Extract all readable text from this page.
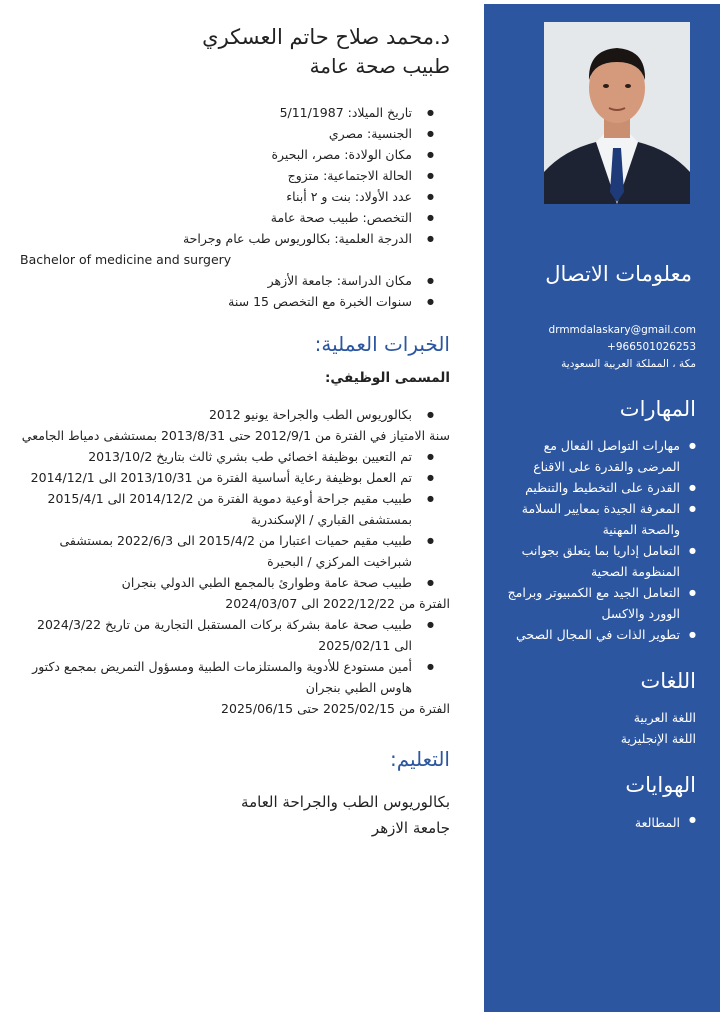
معلومات الاتصال
drmmdalaskary@gmail.com
+966501026253
مكة ، المملكة العربية السعودية
المهارات
● مهارات التواصل الفعال مع المرضى والقدرة على الاقناع
● القدرة على التخطيط والتنظيم
● المعرفة الجيدة بمعايير السلامة والصحة المهنية
● التعامل إداريا بما يتعلق بجوانب المنظومة الصحية
● التعامل الجيد مع الكمبيوتر وبرامج الوورد والاكسل
● تطوير الذات في المجال الصحي
اللغات
اللغة العربية
اللغة الإنجليزية
الهوايات
● المطالعة
د.محمد صلاح حاتم العسكري
طبيب صحة عامة
● تاريخ الميلاد: 5/11/1987
● الجنسية: مصري
● مكان الولادة: مصر، البحيرة
● الحالة الاجتماعية: متزوج
● عدد الأولاد: بنت و ٢ أبناء
● التخصص: طبيب صحة عامة
● الدرجة العلمية: بكالوريوس طب عام وجراحة
Bachelor of medicine and surgery
● مكان الدراسة: جامعة الأزهر
● سنوات الخبرة مع التخصص 15 سنة
الخبرات العملية:
المسمى الوظيفي:
● بكالوريوس الطب والجراحة يونيو 2012
سنة الامتياز في الفترة من 2012/9/1 حتى 2013/8/31 بمستشفى دمياط الجامعي
● تم التعيين بوظيفة اخصائي طب بشري ثالث بتاريخ 2013/10/2
● تم العمل بوظيفة رعاية أساسية الفترة من 2013/10/31 الى 2014/12/1
● طبيب مقيم جراحة أوعية دموية الفترة من 2014/12/2 الى 2015/4/1 بمستشفى القباري / الإسكندرية
● طبيب مقيم حميات اعتبارا من 2015/4/2 الى 2022/6/3 بمستشفى شبراخيت المركزي / البحيرة
● طبيب صحة عامة وطوارئ بالمجمع الطبي الدولي بنجران
الفترة من 2022/12/22 الى 2024/03/07
● طبيب صحة عامة بشركة بركات المستقبل التجارية من تاريخ 2024/3/22 الى 2025/02/11
● أمين مستودع للأدوية والمستلزمات الطبية ومسؤول التمريض بمجمع دكتور هاوس الطبي بنجران
الفترة من 2025/02/15 حتى 2025/06/15
التعليم:
بكالوريوس الطب والجراحة العامة
جامعة الازهر
